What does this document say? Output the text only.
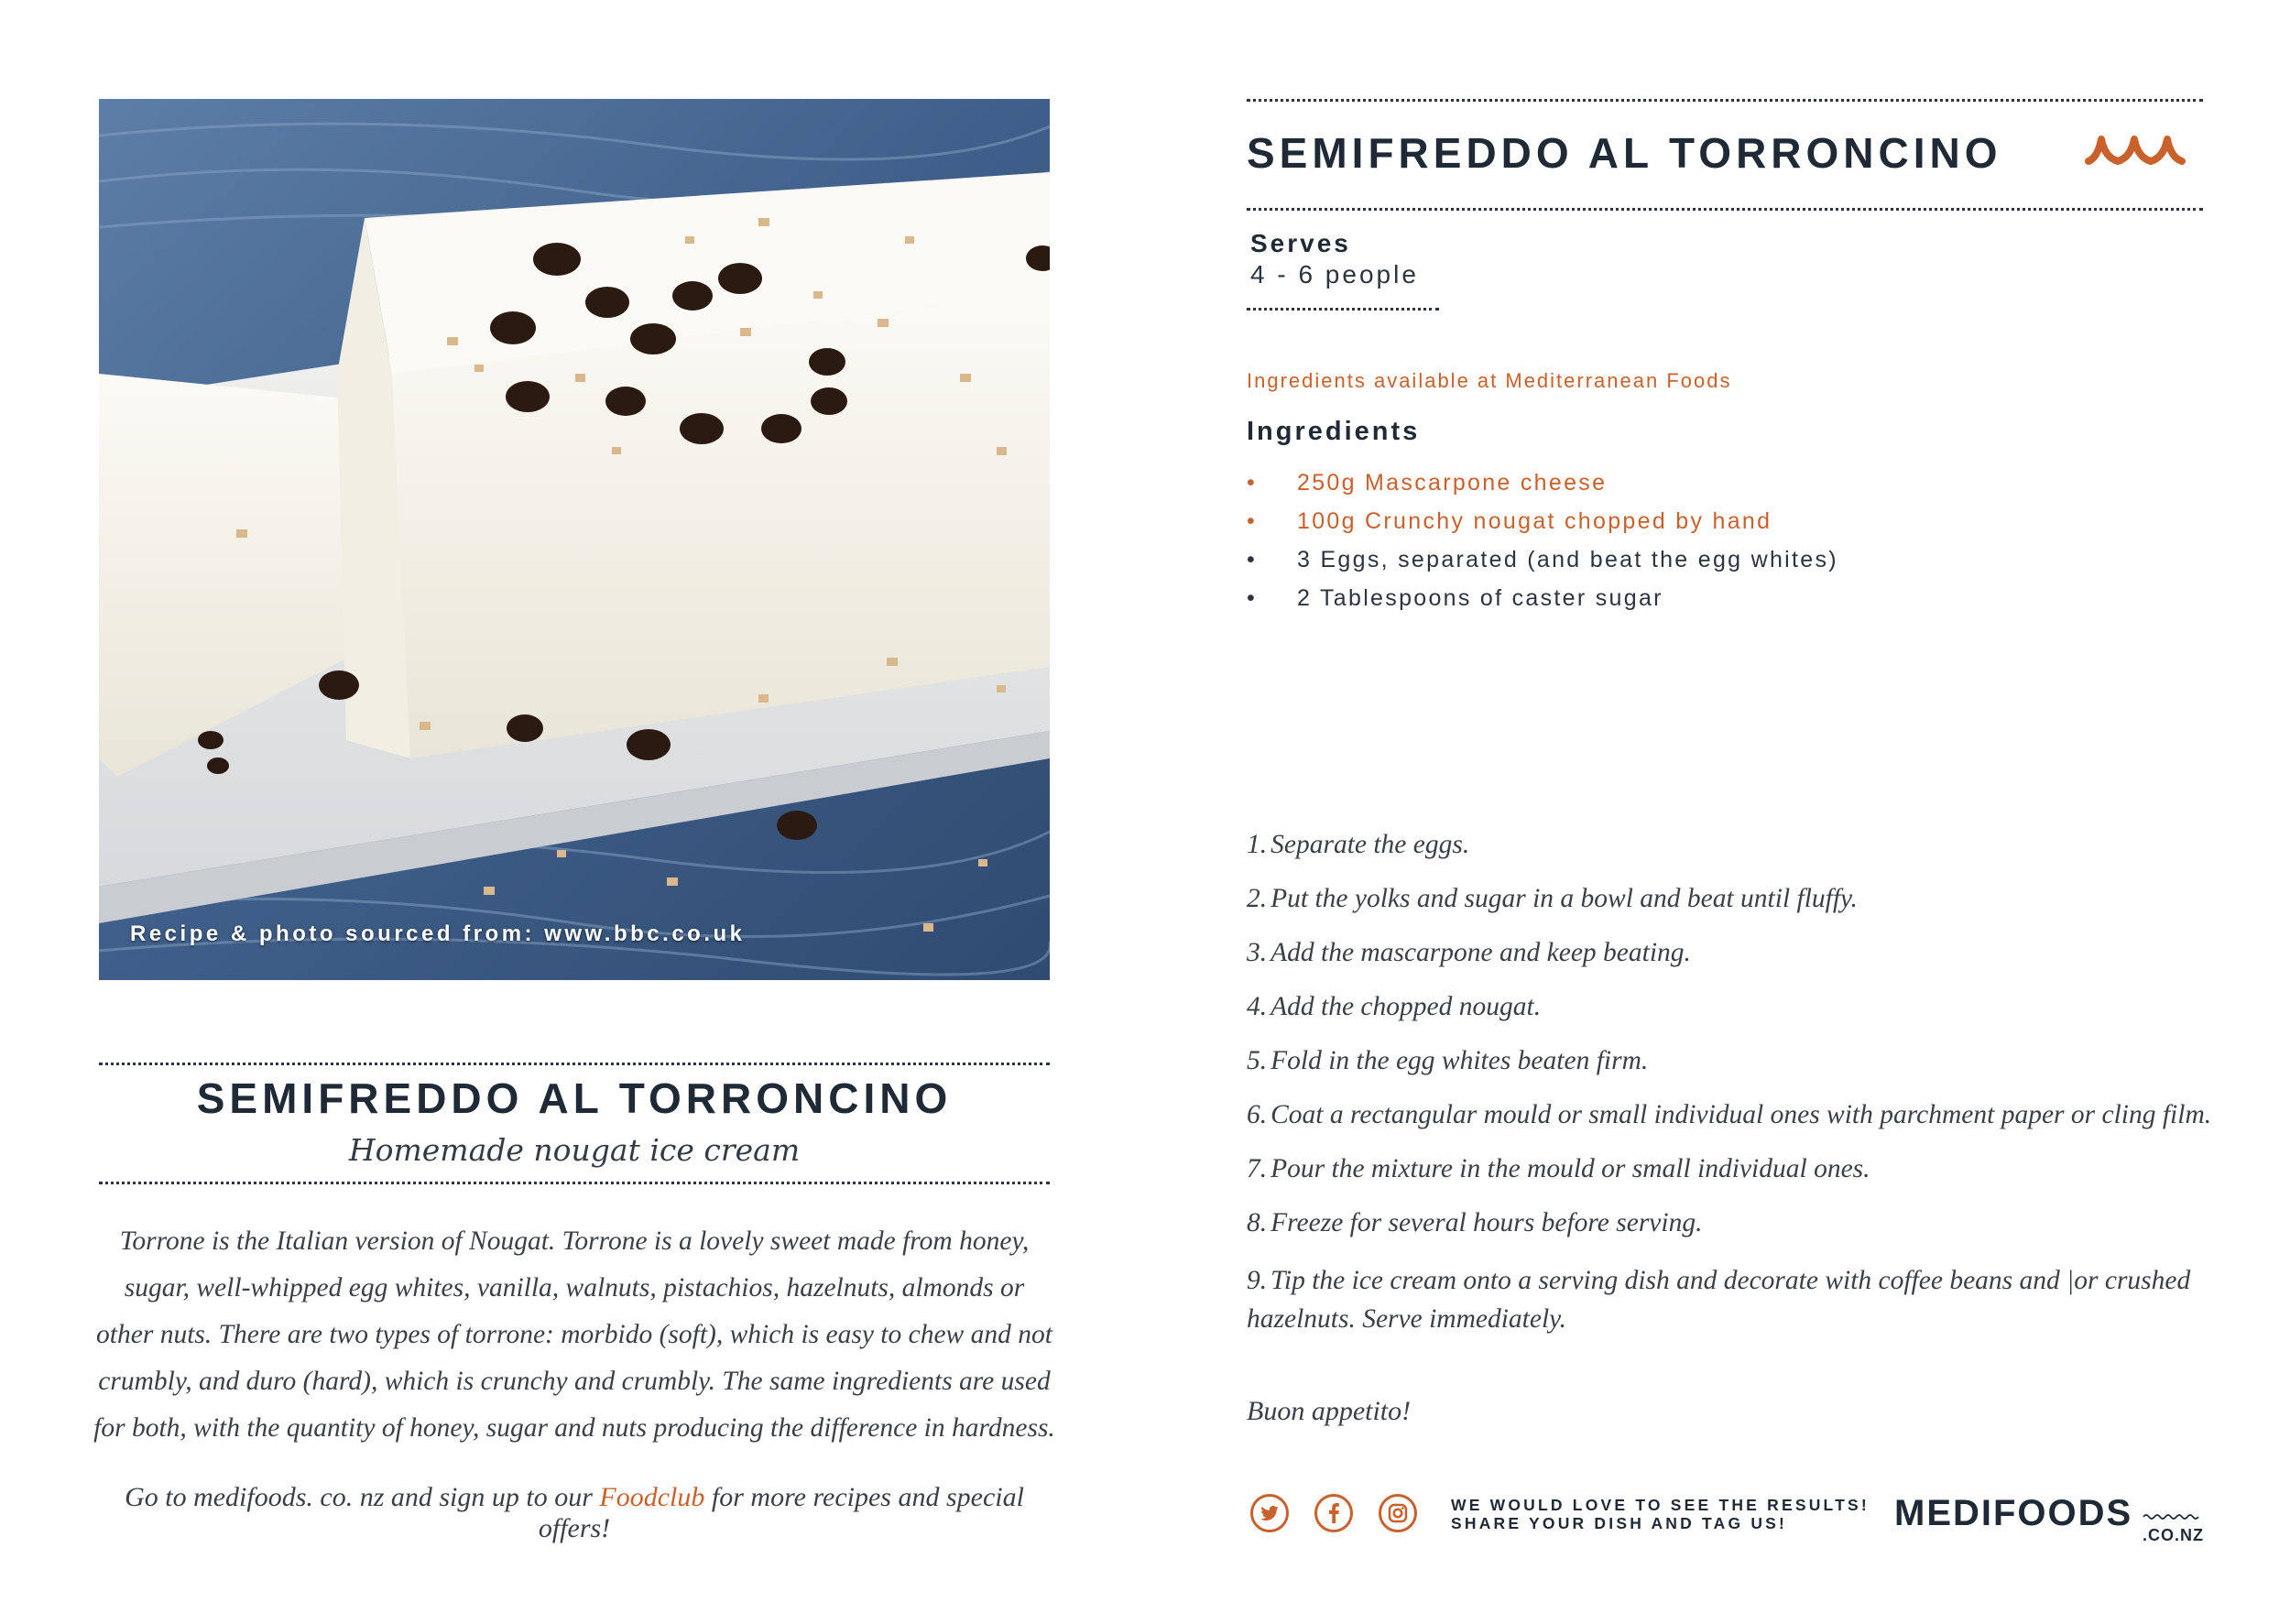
Recipe & photo sourced from: www.bbc.co.uk
SEMIFREDDO AL TORRONCINO
Homemade nougat ice cream
Torrone is the Italian version of Nougat. Torrone is a lovely sweet made from honey,
sugar, well-whipped egg whites, vanilla, walnuts, pistachios, hazelnuts, almonds or
other nuts. There are two types of torrone: morbido (soft), which is easy to chew and not
crumbly, and duro (hard), which is crunchy and crumbly. The same ingredients are used
for both, with the quantity of honey, sugar and nuts producing the difference in hardness.
Go to medifoods. co. nz and sign up to our Foodclub for more recipes and special offers!
SEMIFREDDO AL TORRONCINO
Serves
4 - 6 people
Ingredients available at Mediterranean Foods
Ingredients
•	250g Mascarpone cheese
•	100g Crunchy nougat chopped by hand
•	3 Eggs, separated (and beat the egg whites)
•	2 Tablespoons of caster sugar
1. Separate the eggs.
2. Put the yolks and sugar in a bowl and beat until fluffy.
3. Add the mascarpone and keep beating.
4. Add the chopped nougat.
5. Fold in the egg whites beaten firm.
6. Coat a rectangular mould or small individual ones with parchment paper or cling film.
7. Pour the mixture in the mould or small individual ones.
8. Freeze for several hours before serving.
9. Tip the ice cream onto a serving dish and decorate with coffee beans and |or crushed hazelnuts. Serve immediately.
Buon appetito!
WE WOULD LOVE TO SEE THE RESULTS!
SHARE YOUR DISH AND TAG US!	MEDIFOODS
.CO.NZ
